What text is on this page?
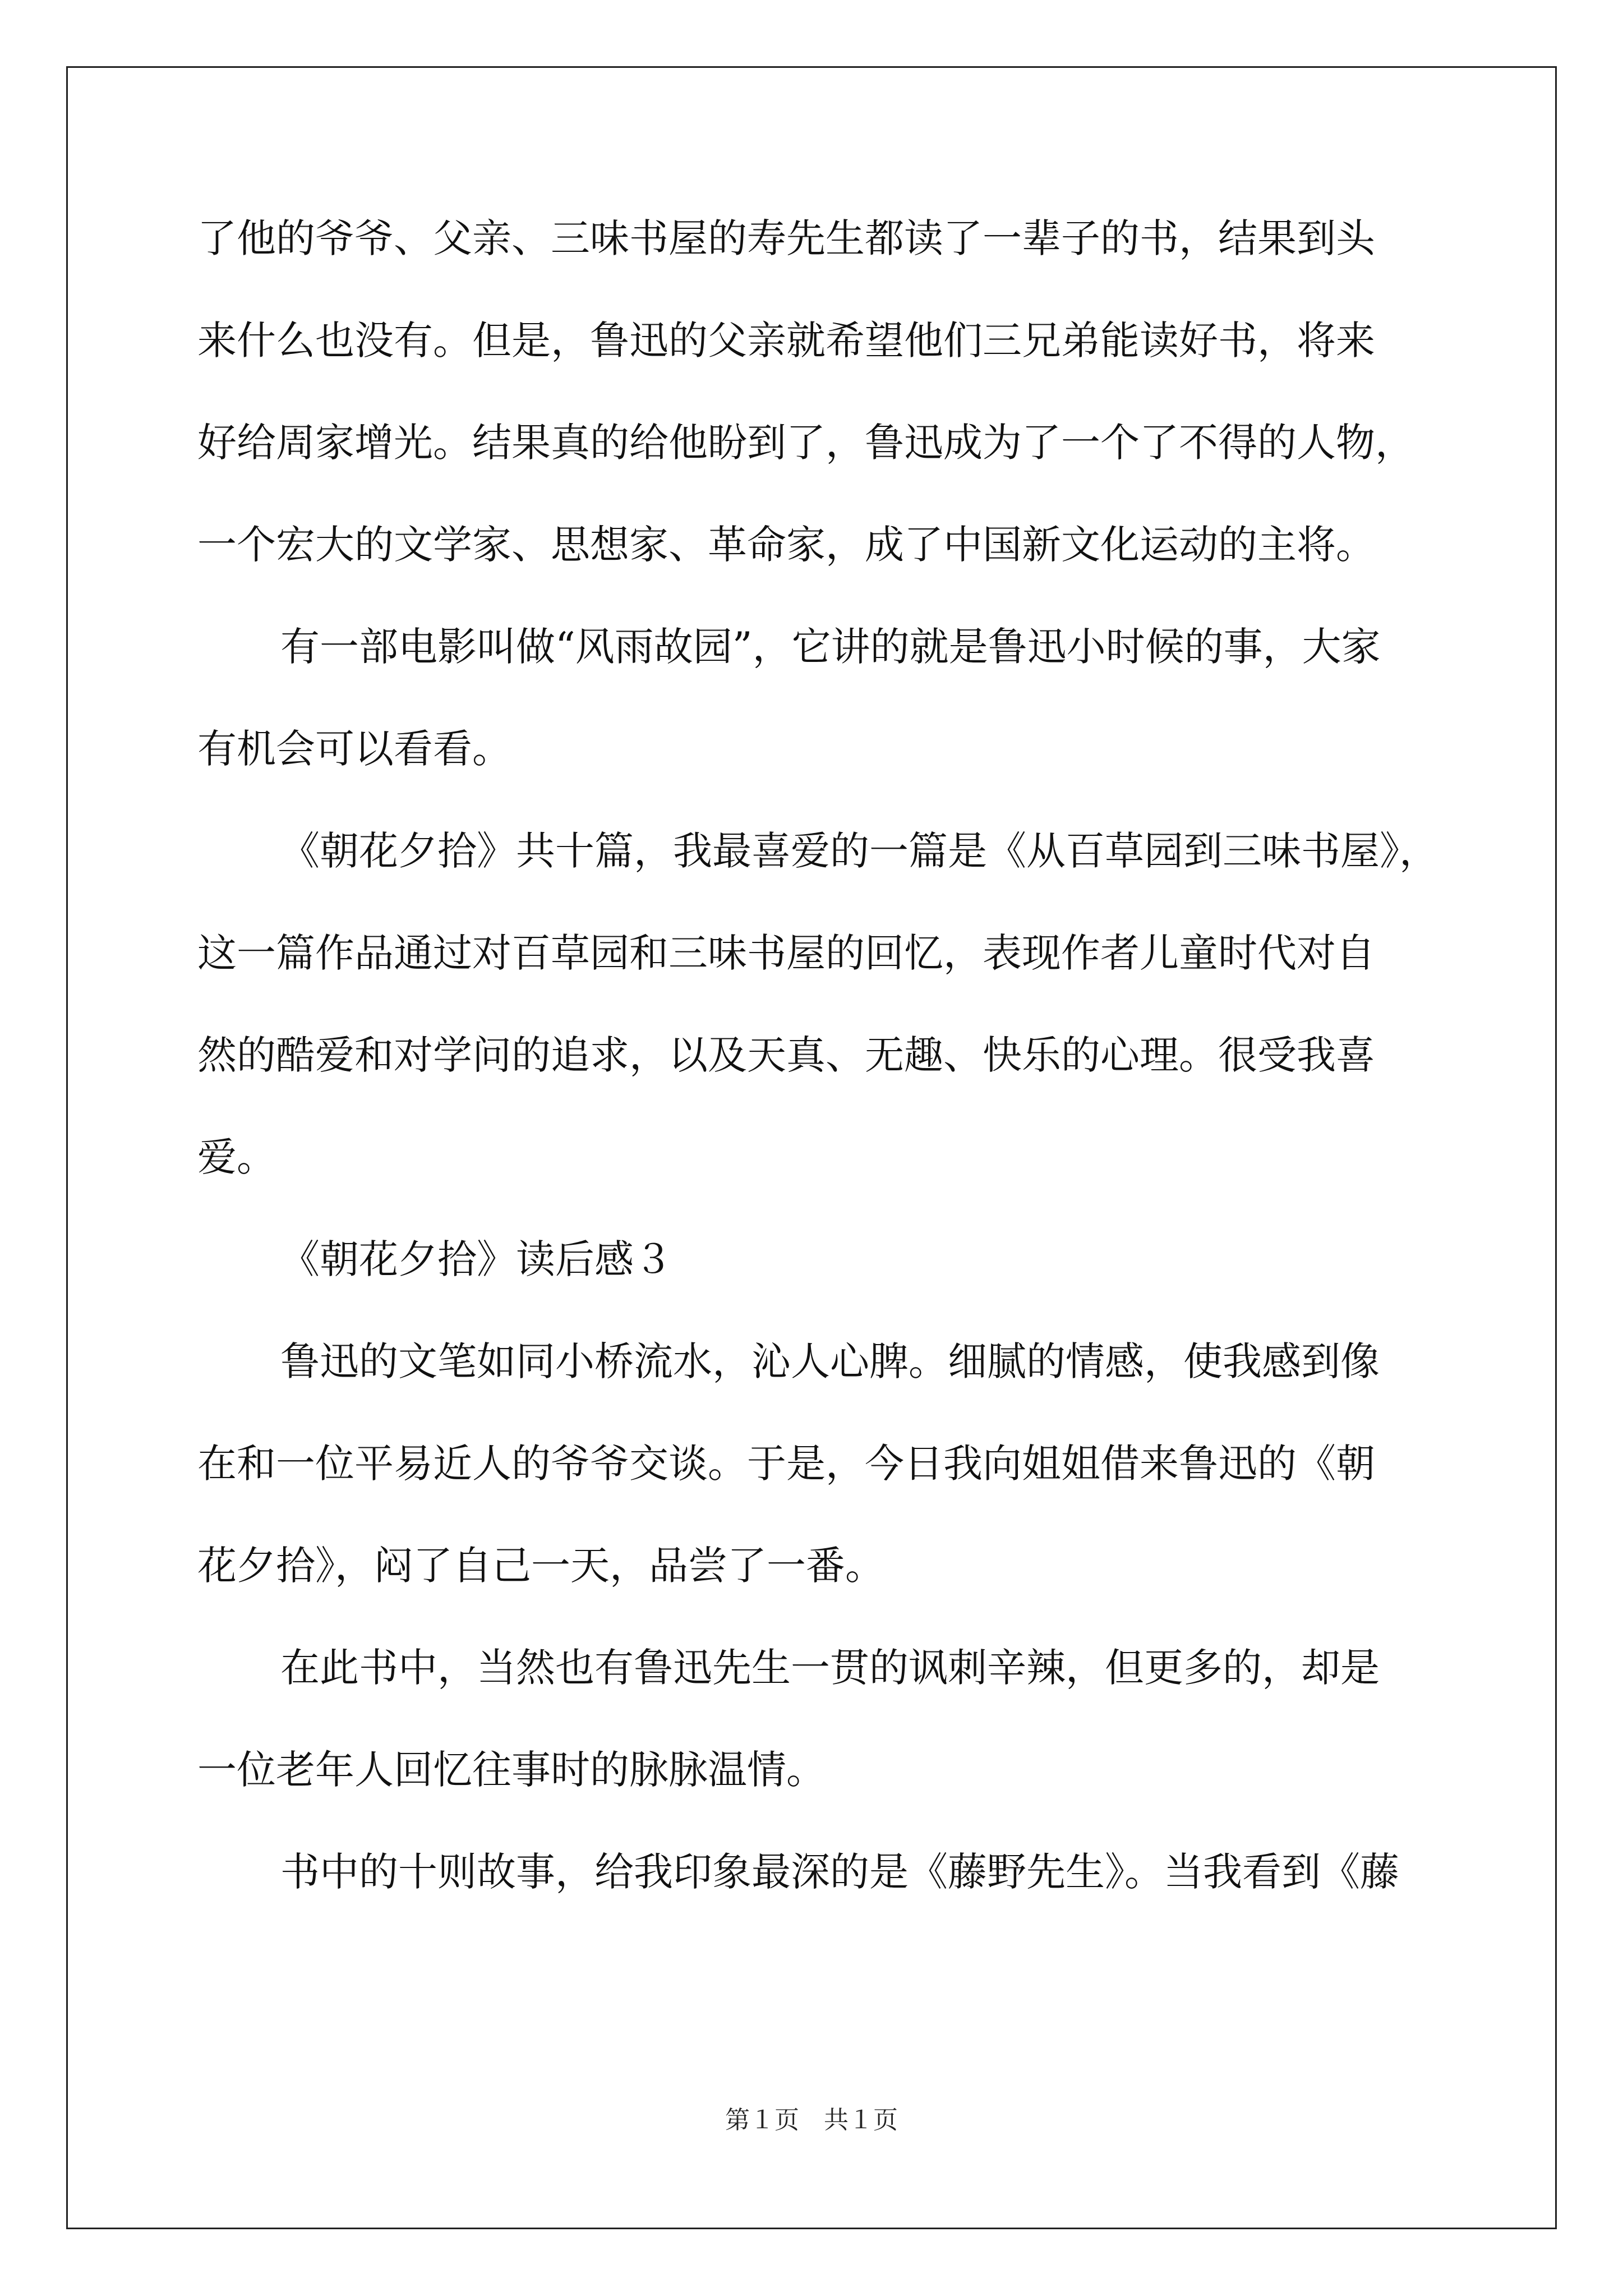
了他的爷爷、父亲、三味书屋的寿先生都读了一辈子的书，结果到头
来什么也没有。但是，鲁迅的父亲就希望他们三兄弟能读好书，将来
好给周家增光。结果真的给他盼到了，鲁迅成为了一个了不得的人物，
一个宏大的文学家、思想家、革命家，成了中国新文化运动的主将。
有一部电影叫做“风雨故园”，它讲的就是鲁迅小时候的事，大家
有机会可以看看。
《朝花夕拾》共十篇，我最喜爱的一篇是《从百草园到三味书屋》，
这一篇作品通过对百草园和三味书屋的回忆，表现作者儿童时代对自
然的酷爱和对学问的追求，以及天真、无趣、快乐的心理。很受我喜
爱。
《朝花夕拾》读后感３
鲁迅的文笔如同小桥流水，沁人心脾。细腻的情感，使我感到像
在和一位平易近人的爷爷交谈。于是，今日我向姐姐借来鲁迅的《朝
花夕拾》，闷了自己一天，品尝了一番。
在此书中，当然也有鲁迅先生一贯的讽刺辛辣，但更多的，却是
一位老年人回忆往事时的脉脉温情。
书中的十则故事，给我印象最深的是《藤野先生》。当我看到《藤
第１页　共１页
